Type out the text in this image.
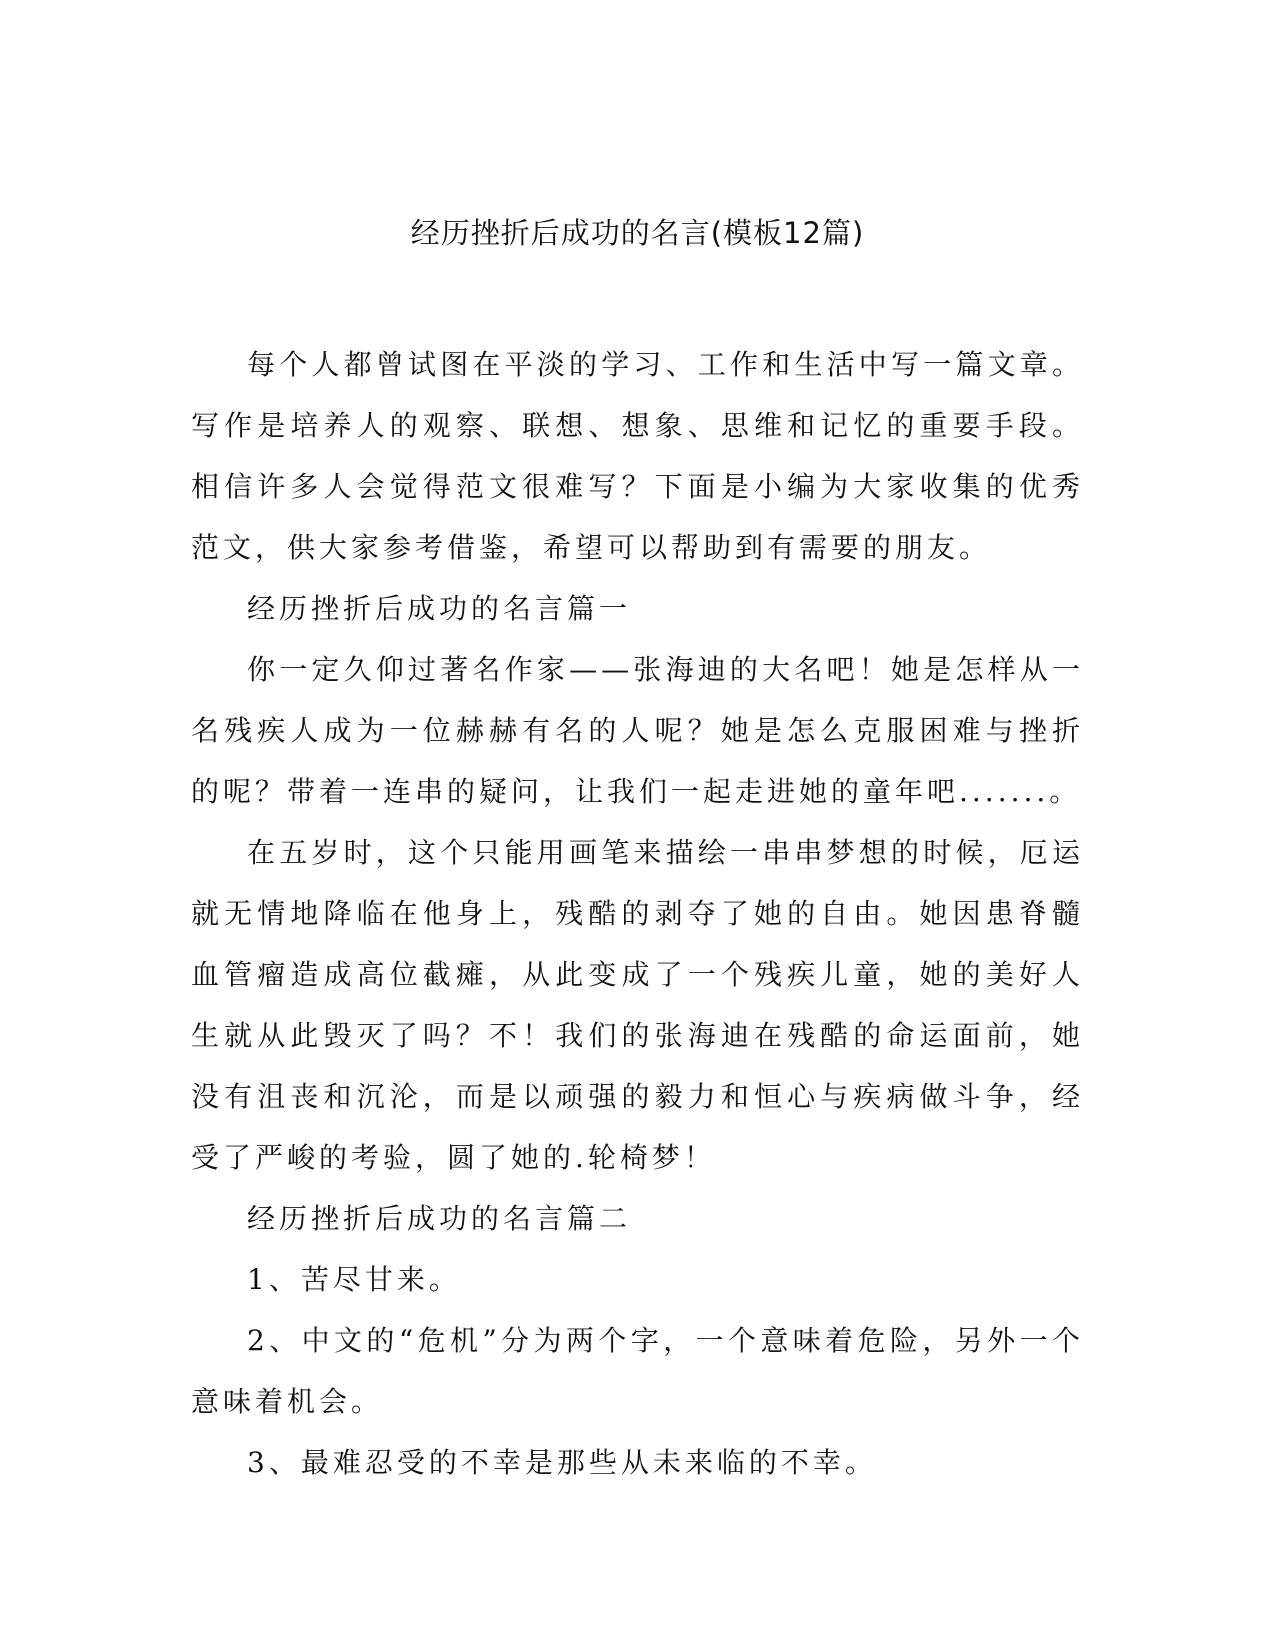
经历挫折后成功的名言(模板12篇)

每个人都曾试图在平淡的学习、工作和生活中写一篇文章。写作是培养人的观察、联想、想象、思维和记忆的重要手段。相信许多人会觉得范文很难写？下面是小编为大家收集的优秀范文，供大家参考借鉴，希望可以帮助到有需要的朋友。

经历挫折后成功的名言篇一

你一定久仰过著名作家——张海迪的大名吧！她是怎样从一名残疾人成为一位赫赫有名的人呢？她是怎么克服困难与挫折的呢？带着一连串的疑问，让我们一起走进她的童年吧.......。

在五岁时，这个只能用画笔来描绘一串串梦想的时候，厄运就无情地降临在他身上，残酷的剥夺了她的自由。她因患脊髓血管瘤造成高位截瘫，从此变成了一个残疾儿童，她的美好人生就从此毁灭了吗？不！我们的张海迪在残酷的命运面前，她没有沮丧和沉沦，而是以顽强的毅力和恒心与疾病做斗争，经受了严峻的考验，圆了她的.轮椅梦！

经历挫折后成功的名言篇二

1、苦尽甘来。

2、中文的“危机”分为两个字，一个意味着危险，另外一个意味着机会。

3、最难忍受的不幸是那些从未来临的不幸。
